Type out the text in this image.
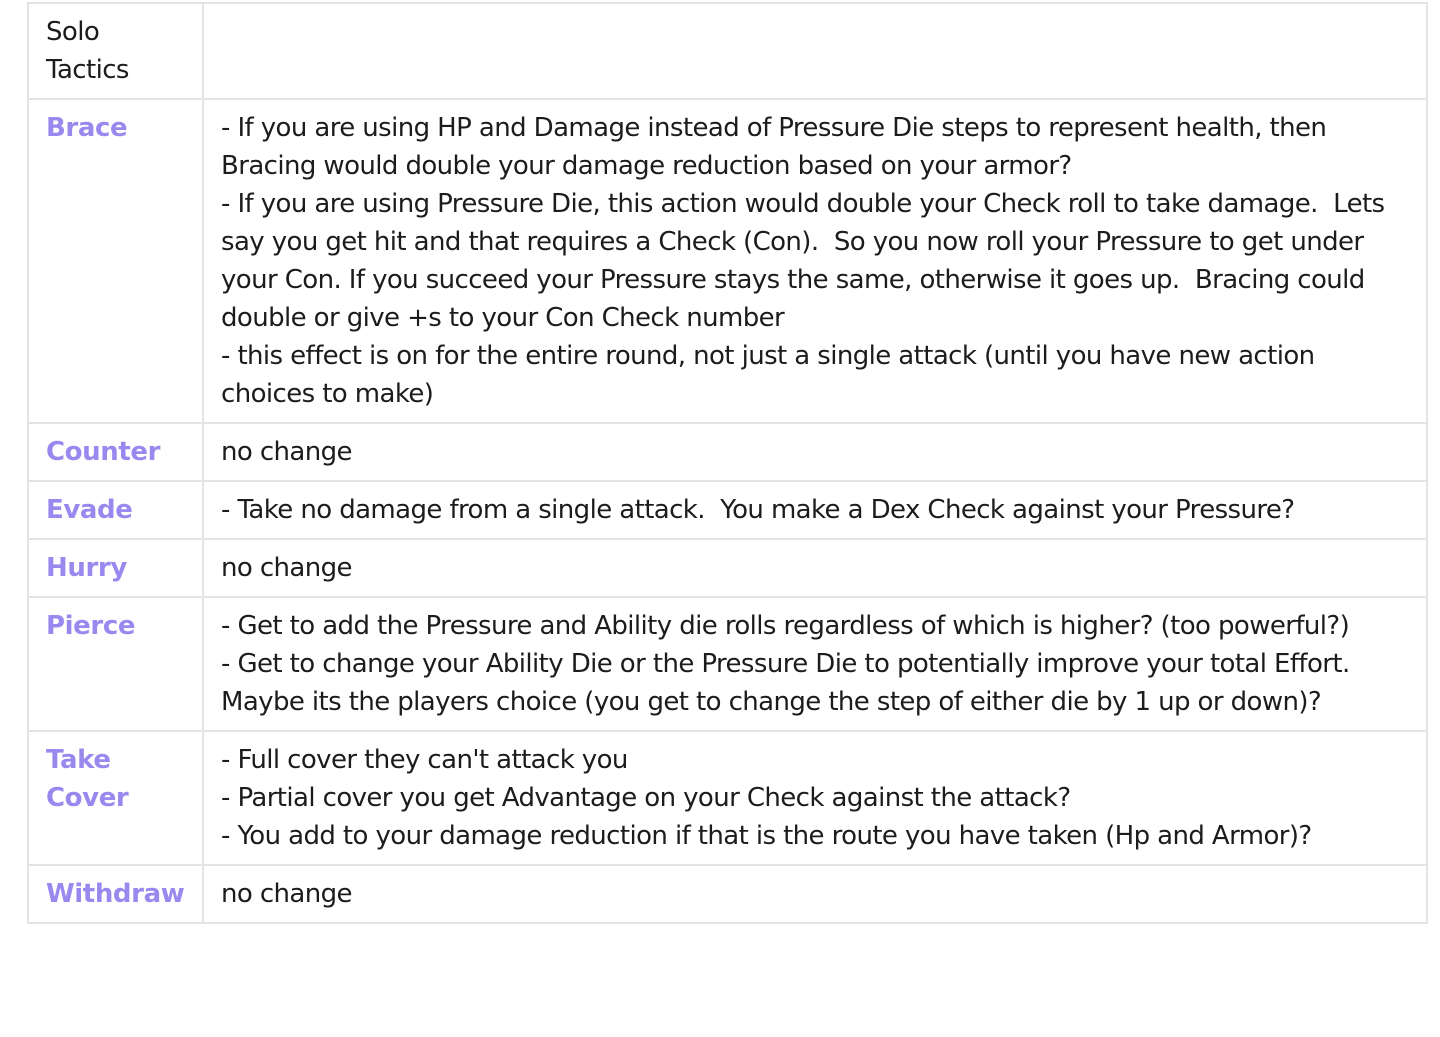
Solo Tactics	
Brace	- If you are using HP and Damage instead of Pressure Die steps to represent health, then Bracing would double your damage reduction based on your armor?
- If you are using Pressure Die, this action would double your Check roll to take damage.  Lets say you get hit and that requires a Check (Con).  So you now roll your Pressure to get under your Con. If you succeed your Pressure stays the same, otherwise it goes up.  Bracing could double or give +s to your Con Check number
- this effect is on for the entire round, not just a single attack (until you have new action choices to make)

Counter	no change

Evade	- Take no damage from a single attack.  You make a Dex Check against your Pressure?

Hurry	no change

Pierce	- Get to add the Pressure and Ability die rolls regardless of which is higher? (too powerful?)
- Get to change your Ability Die or the Pressure Die to potentially improve your total Effort.  Maybe its the players choice (you get to change the step of either die by 1 up or down)?

Take Cover	- Full cover they can't attack you
- Partial cover you get Advantage on your Check against the attack?
- You add to your damage reduction if that is the route you have taken (Hp and Armor)?

Withdraw	no change
